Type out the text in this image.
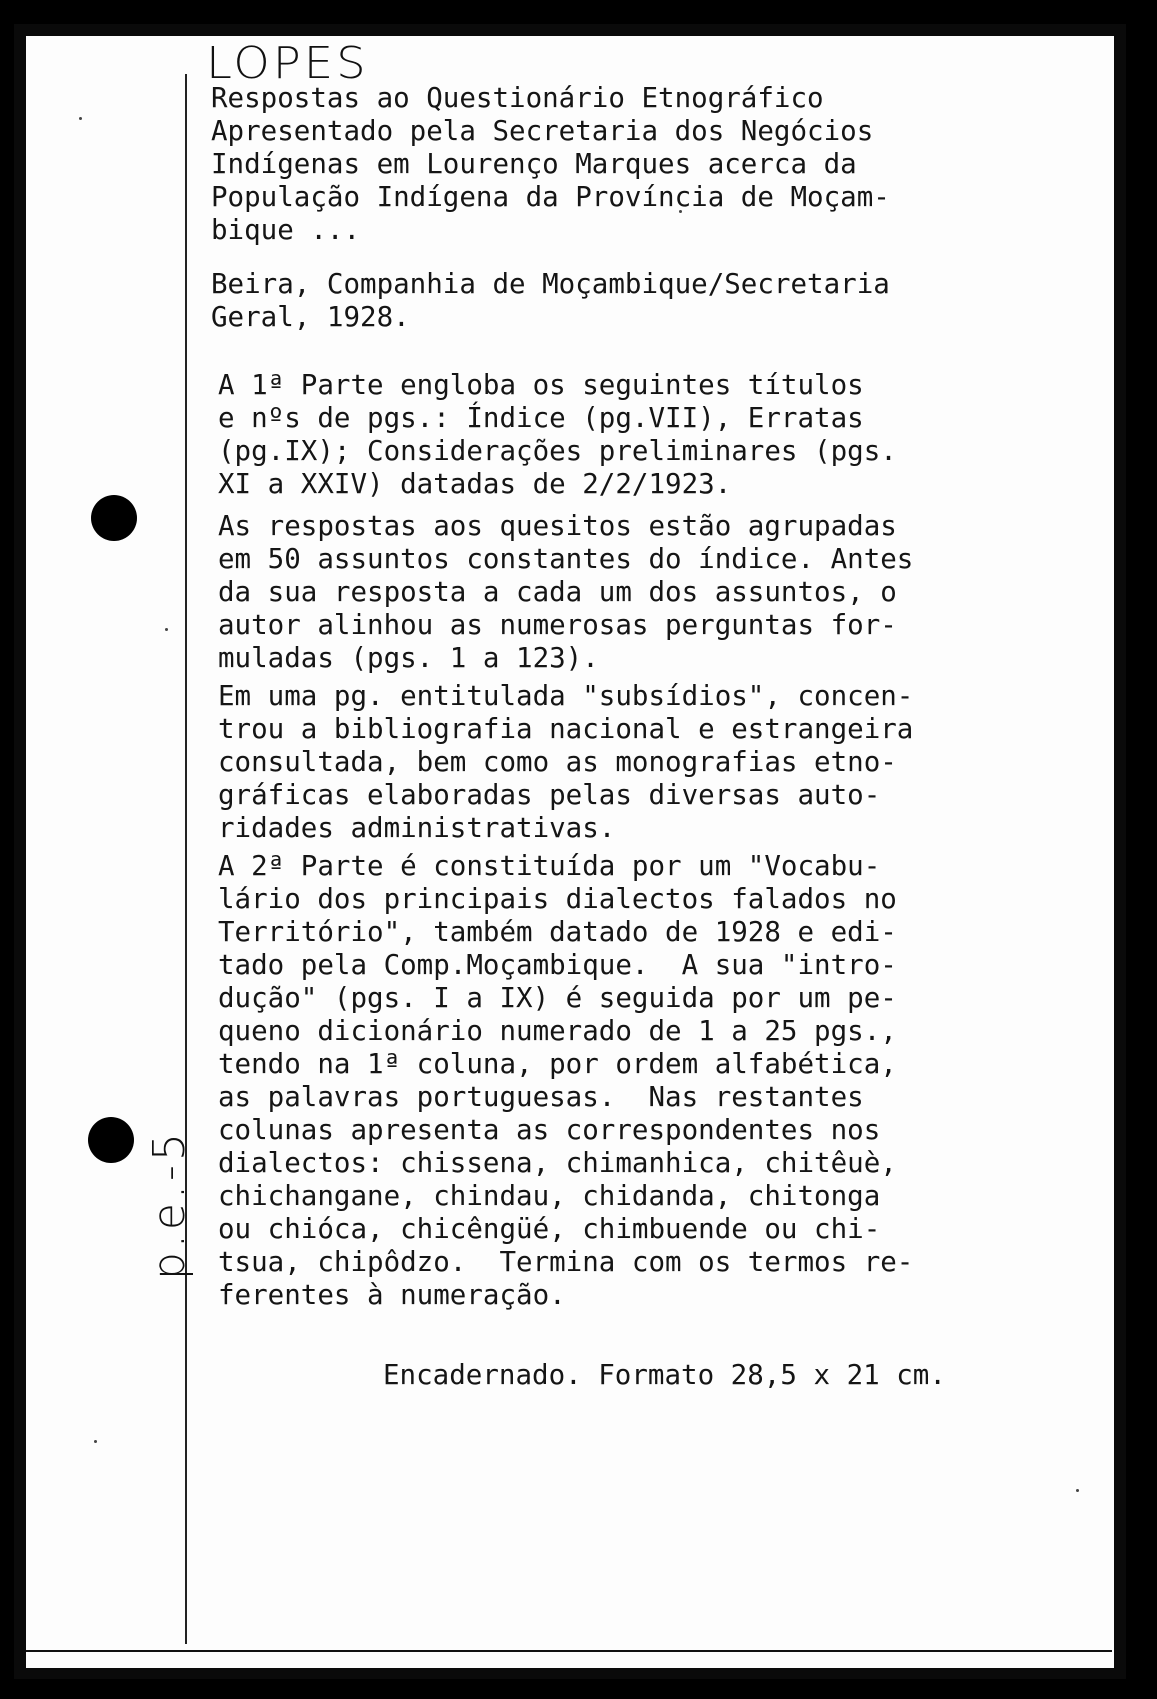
LOPES
p.e.-5
Respostas ao Questionário Etnográfico
Apresentado pela Secretaria dos Negócios
Indígenas em Lourenço Marques acerca da
População Indígena da Província de Moçam-
bique ...
Beira, Companhia de Moçambique/Secretaria
Geral, 1928.
A 1ª Parte engloba os seguintes títulos
e nºs de pgs.: Índice (pg.VII), Erratas
(pg.IX); Considerações preliminares (pgs.
XI a XXIV) datadas de 2/2/1923.
As respostas aos quesitos estão agrupadas
em 50 assuntos constantes do índice. Antes
da sua resposta a cada um dos assuntos, o
autor alinhou as numerosas perguntas for-
muladas (pgs. 1 a 123).
Em uma pg. entitulada "subsídios", concen-
trou a bibliografia nacional e estrangeira
consultada, bem como as monografias etno-
gráficas elaboradas pelas diversas auto-
ridades administrativas.
A 2ª Parte é constituída por um "Vocabu-
lário dos principais dialectos falados no
Território", também datado de 1928 e edi-
tado pela Comp.Moçambique.  A sua "intro-
dução" (pgs. I a IX) é seguida por um pe-
queno dicionário numerado de 1 a 25 pgs.,
tendo na 1ª coluna, por ordem alfabética,
as palavras portuguesas.  Nas restantes
colunas apresenta as correspondentes nos
dialectos: chissena, chimanhica, chitêuè,
chichangane, chindau, chidanda, chitonga
ou chióca, chicêngüé, chimbuende ou chi-
tsua, chipôdzo.  Termina com os termos re-
ferentes à numeração.
Encadernado. Formato 28,5 x 21 cm.
